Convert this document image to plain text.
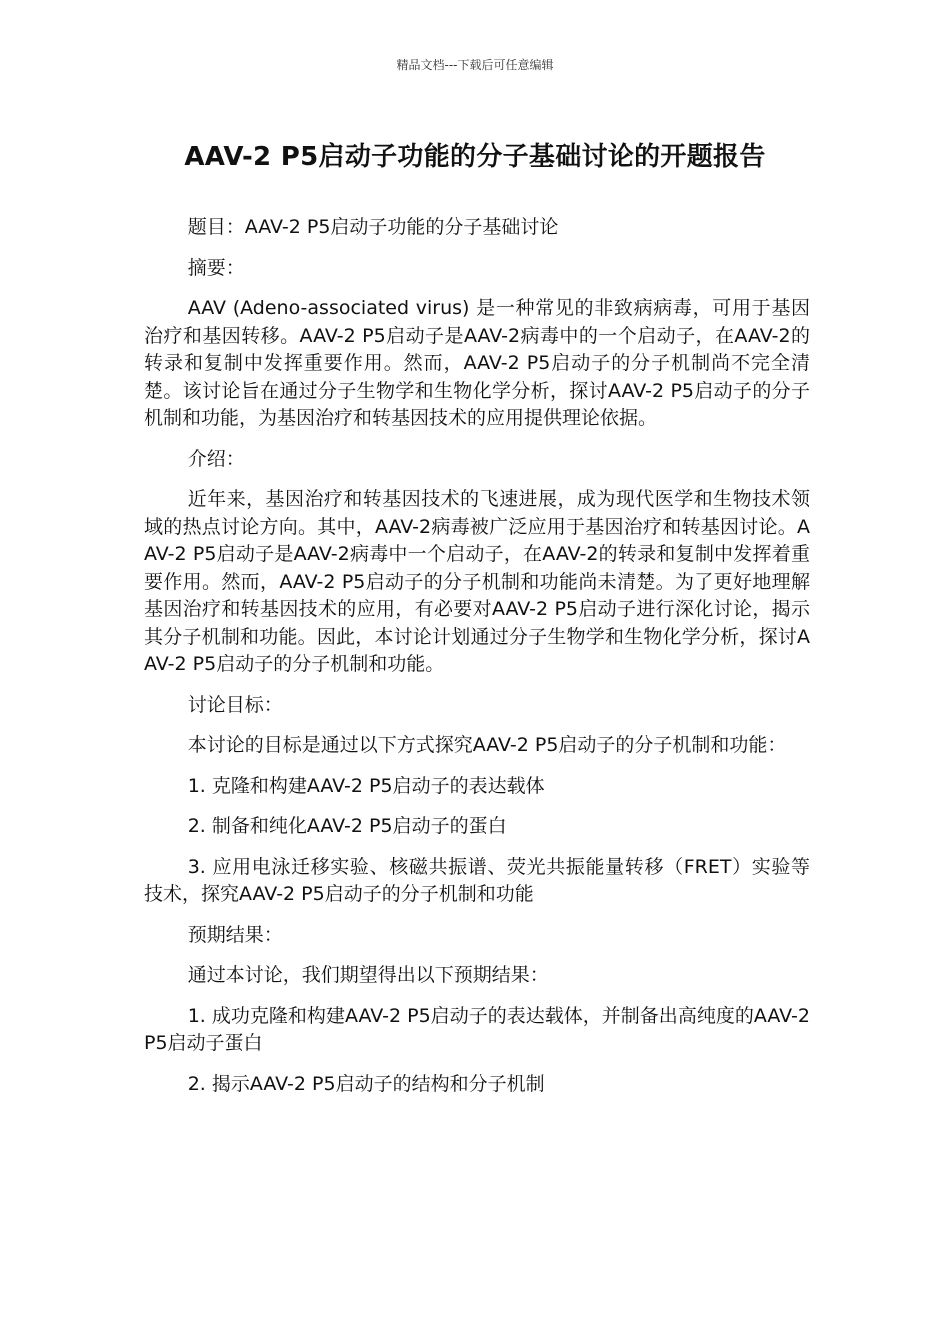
精品文档---下载后可任意编辑
AAV-2 P5启动子功能的分子基础讨论的开题报告

题目：AAV-2 P5启动子功能的分子基础讨论

摘要：

AAV (Adeno-associated virus) 是一种常见的非致病病毒，可用于基因治疗和基因转移。AAV-2 P5启动子是AAV-2病毒中的一个启动子，在AAV-2的转录和复制中发挥重要作用。然而，AAV-2 P5启动子的分子机制尚不完全清楚。该讨论旨在通过分子生物学和生物化学分析，探讨AAV-2 P5启动子的分子机制和功能，为基因治疗和转基因技术的应用提供理论依据。

介绍：

近年来，基因治疗和转基因技术的飞速进展，成为现代医学和生物技术领域的热点讨论方向。其中，AAV-2病毒被广泛应用于基因治疗和转基因讨论。AAV-2 P5启动子是AAV-2病毒中一个启动子，在AAV-2的转录和复制中发挥着重要作用。然而，AAV-2 P5启动子的分子机制和功能尚未清楚。为了更好地理解基因治疗和转基因技术的应用，有必要对AAV-2 P5启动子进行深化讨论，揭示其分子机制和功能。因此，本讨论计划通过分子生物学和生物化学分析，探讨AAV-2 P5启动子的分子机制和功能。

讨论目标：

本讨论的目标是通过以下方式探究AAV-2 P5启动子的分子机制和功能：

1. 克隆和构建AAV-2 P5启动子的表达载体

2. 制备和纯化AAV-2 P5启动子的蛋白

3. 应用电泳迁移实验、核磁共振谱、荧光共振能量转移（FRET）实验等技术，探究AAV-2 P5启动子的分子机制和功能

预期结果：

通过本讨论，我们期望得出以下预期结果：

1. 成功克隆和构建AAV-2 P5启动子的表达载体，并制备出高纯度的AAV-2 P5启动子蛋白

2. 揭示AAV-2 P5启动子的结构和分子机制
